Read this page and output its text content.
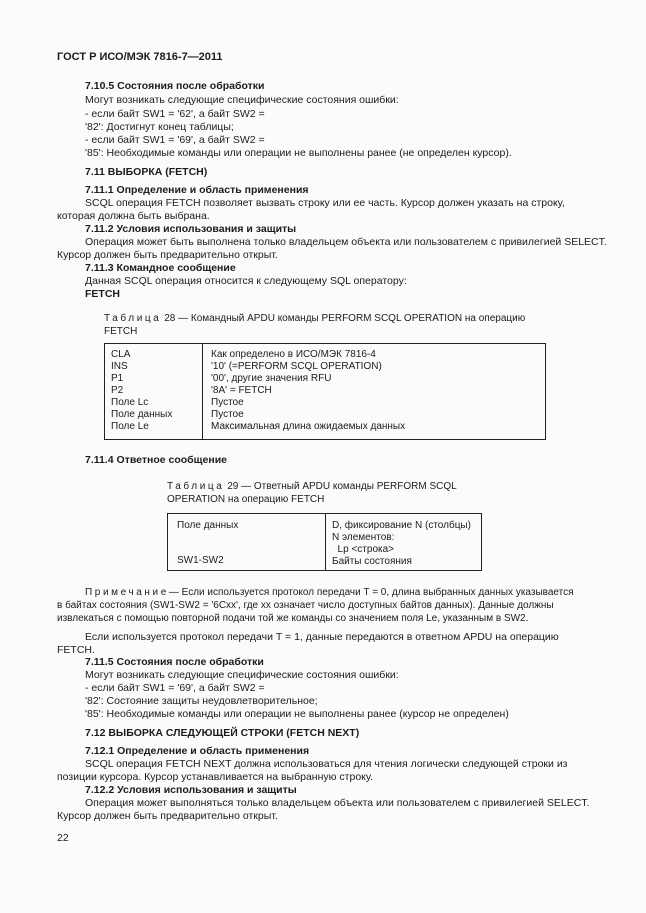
ГОСТ Р ИСО/МЭК 7816-7—2011
7.10.5 Состояния после обработки
Могут возникать следующие специфические состояния ошибки:
- если байт SW1 = '62', а байт SW2 =
'82': Достигнут конец таблицы;
- если байт SW1 = '69', а байт SW2 =
'85': Необходимые команды или операции не выполнены ранее (не определен курсор).
7.11 ВЫБОРКА (FETCH)
7.11.1 Определение и область применения
SCQL операция FETCH позволяет вызвать строку или ее часть. Курсор должен указать на строку,
которая должна быть выбрана.
7.11.2 Условия использования и защиты
Операция может быть выполнена только владельцем объекта или пользователем с привилегией SELECT.
Курсор должен быть предварительно открыт.
7.11.3 Командное сообщение
Данная SCQL операция относится к следующему SQL оператору:
FETCH
Таблица 28 — Командный APDU команды PERFORM SCQL OPERATION на операцию
FETCH
CLA
INS
P1
P2
Поле Lc
Поле данных
Поле Le
Как определено в ИСО/МЭК 7816-4
'10' (=PERFORM SCQL OPERATION)
'00', другие значения RFU
'8A' = FETCH
Пустое
Пустое
Максимальная длина ожидаемых данных
7.11.4 Ответное сообщение
Таблица 29 — Ответный APDU команды PERFORM SCQL
OPERATION на операцию FETCH
Поле данных
SW1-SW2
D, фиксирование N (столбцы)
N элементов:
Lp <строка>
Байты состояния
Примечание— Если используется протокол передачи T = 0, длина выбранных данных указывается
в байтах состояния (SW1-SW2 = '6Cxx', где xx означает число доступных байтов данных). Данные должны
извлекаться с помощью повторной подачи той же команды со значением поля Le, указанным в SW2.
Если используется протокол передачи T = 1, данные передаются в ответном APDU на операцию
FETCH.
7.11.5 Состояния после обработки
Могут возникать следующие специфические состояния ошибки:
- если байт SW1 = '69', а байт SW2 =
'82': Состояние защиты неудовлетворительное;
'85': Необходимые команды или операции не выполнены ранее (курсор не определен)
7.12 ВЫБОРКА СЛЕДУЮЩЕЙ СТРОКИ (FETCH NEXT)
7.12.1 Определение и область применения
SCQL операция FETCH NEXT должна использоваться для чтения логически следующей строки из
позиции курсора. Курсор устанавливается на выбранную строку.
7.12.2 Условия использования и защиты
Операция может выполняться только владельцем объекта или пользователем с привилегией SELECT.
Курсор должен быть предварительно открыт.
22
